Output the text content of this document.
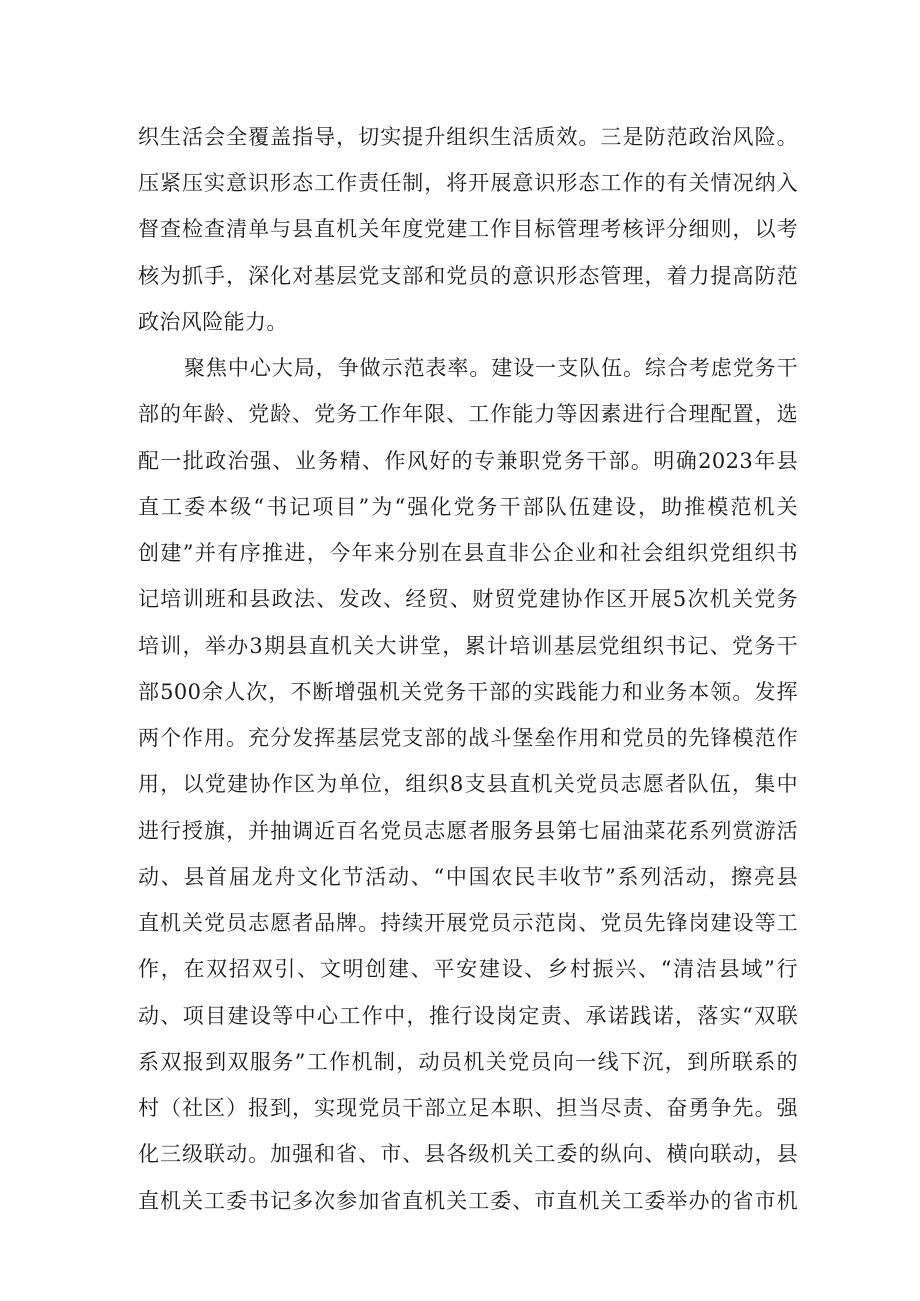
织生活会全覆盖指导，切实提升组织生活质效。三是防范政治风险。
压紧压实意识形态工作责任制，将开展意识形态工作的有关情况纳入
督查检查清单与县直机关年度党建工作目标管理考核评分细则，以考
核为抓手，深化对基层党支部和党员的意识形态管理，着力提高防范
政治风险能力。
聚焦中心大局，争做示范表率。建设一支队伍。综合考虑党务干
部的年龄、党龄、党务工作年限、工作能力等因素进行合理配置，选
配一批政治强、业务精、作风好的专兼职党务干部。明确2023年县
直工委本级“书记项目”为“强化党务干部队伍建设，助推模范机关
创建”并有序推进，今年来分别在县直非公企业和社会组织党组织书
记培训班和县政法、发改、经贸、财贸党建协作区开展5次机关党务
培训，举办3期县直机关大讲堂，累计培训基层党组织书记、党务干
部500余人次，不断增强机关党务干部的实践能力和业务本领。发挥
两个作用。充分发挥基层党支部的战斗堡垒作用和党员的先锋模范作
用，以党建协作区为单位，组织8支县直机关党员志愿者队伍，集中
进行授旗，并抽调近百名党员志愿者服务县第七届油菜花系列赏游活
动、县首届龙舟文化节活动、“中国农民丰收节”系列活动，擦亮县
直机关党员志愿者品牌。持续开展党员示范岗、党员先锋岗建设等工
作，在双招双引、文明创建、平安建设、乡村振兴、“清洁县域”行
动、项目建设等中心工作中，推行设岗定责、承诺践诺，落实“双联
系双报到双服务”工作机制，动员机关党员向一线下沉，到所联系的
村（社区）报到，实现党员干部立足本职、担当尽责、奋勇争先。强
化三级联动。加强和省、市、县各级机关工委的纵向、横向联动，县
直机关工委书记多次参加省直机关工委、市直机关工委举办的省市机
